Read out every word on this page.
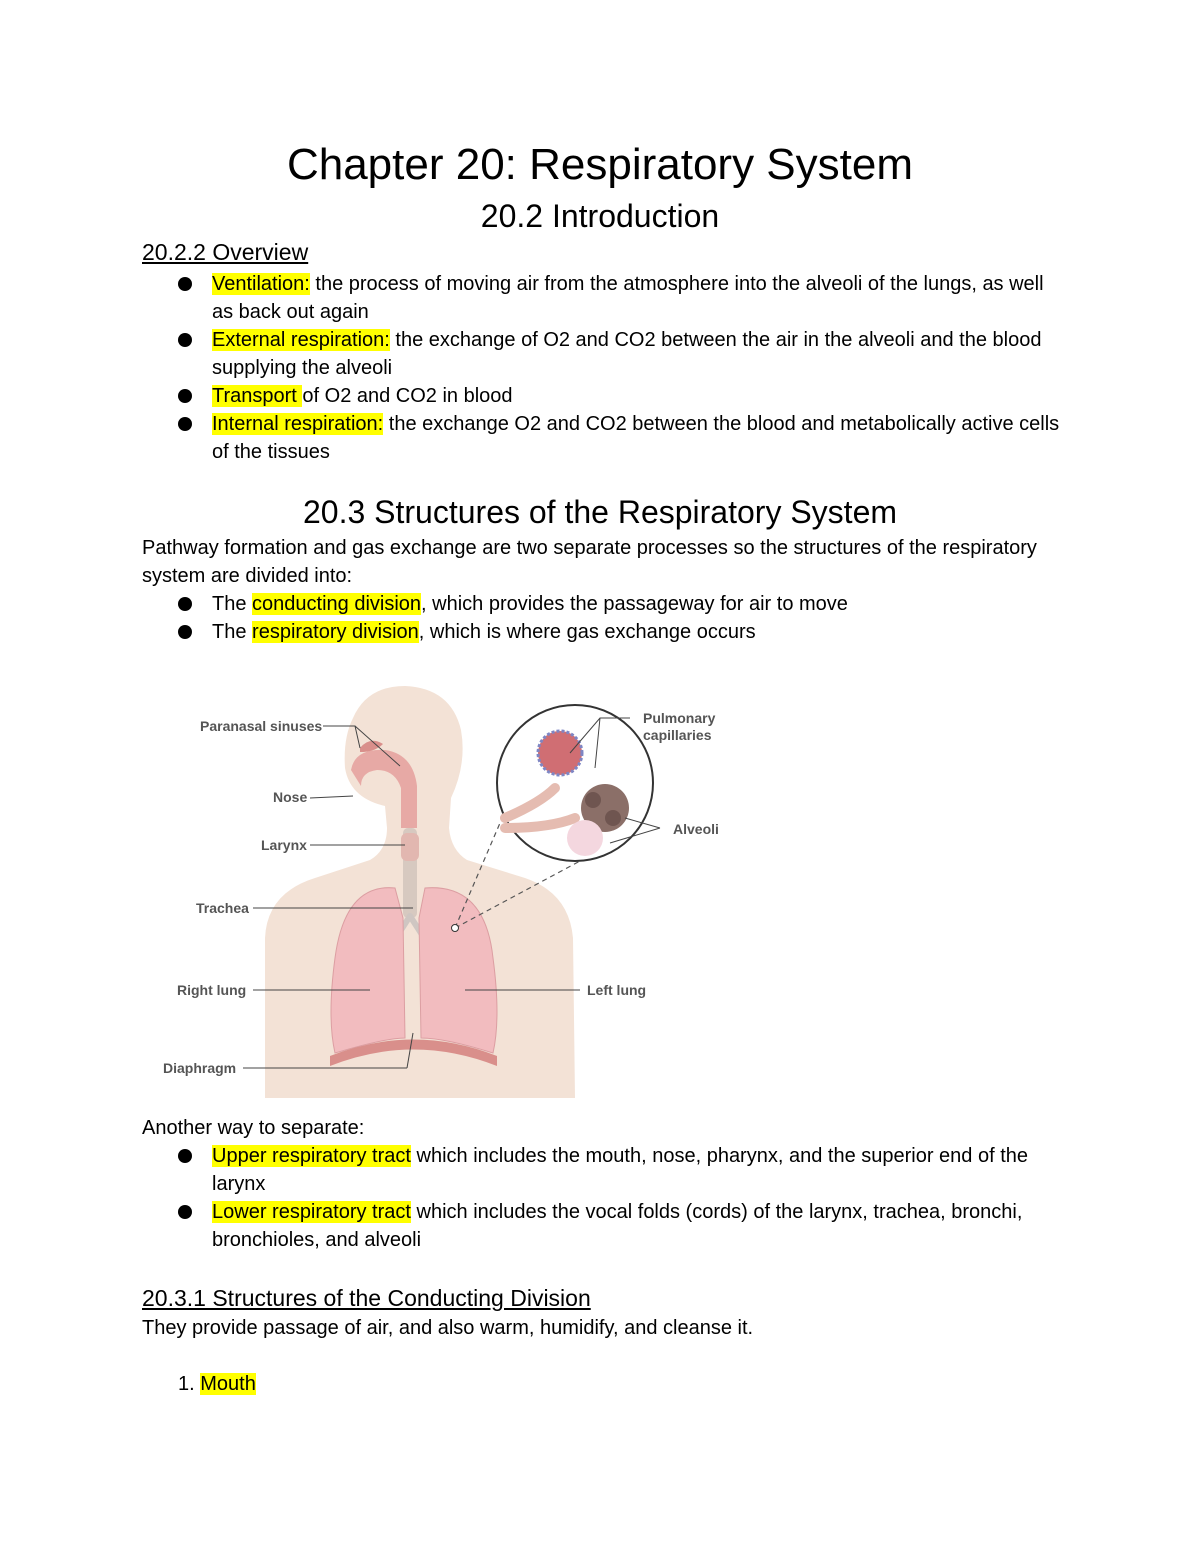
Chapter 20: Respiratory System
20.2 Introduction
20.2.2 Overview
Ventilation: the process of moving air from the atmosphere into the alveoli of the lungs, as well as back out again
External respiration: the exchange of O2 and CO2 between the air in the alveoli and the blood supplying the alveoli
Transport of O2 and CO2 in blood
Internal respiration: the exchange O2 and CO2 between the blood and metabolically active cells of the tissues
20.3 Structures of the Respiratory System

Pathway formation and gas exchange are two separate processes so the structures of the respiratory system are divided into:

The conducting division, which provides the passageway for air to move
The respiratory division, which is where gas exchange occurs
Paranasal sinuses
Nose
Larynx
Trachea
Right lung
Diaphragm
Pulmonary
capillaries
Alveoli
Left lung

Another way to separate:

Upper respiratory tract which includes the mouth, nose, pharynx, and the superior end of the larynx
Lower respiratory tract which includes the vocal folds (cords) of the larynx, trachea, bronchi, bronchioles, and alveoli
20.3.1 Structures of the Conducting Division

They provide passage of air, and also warm, humidify, and cleanse it.

1. Mouth
